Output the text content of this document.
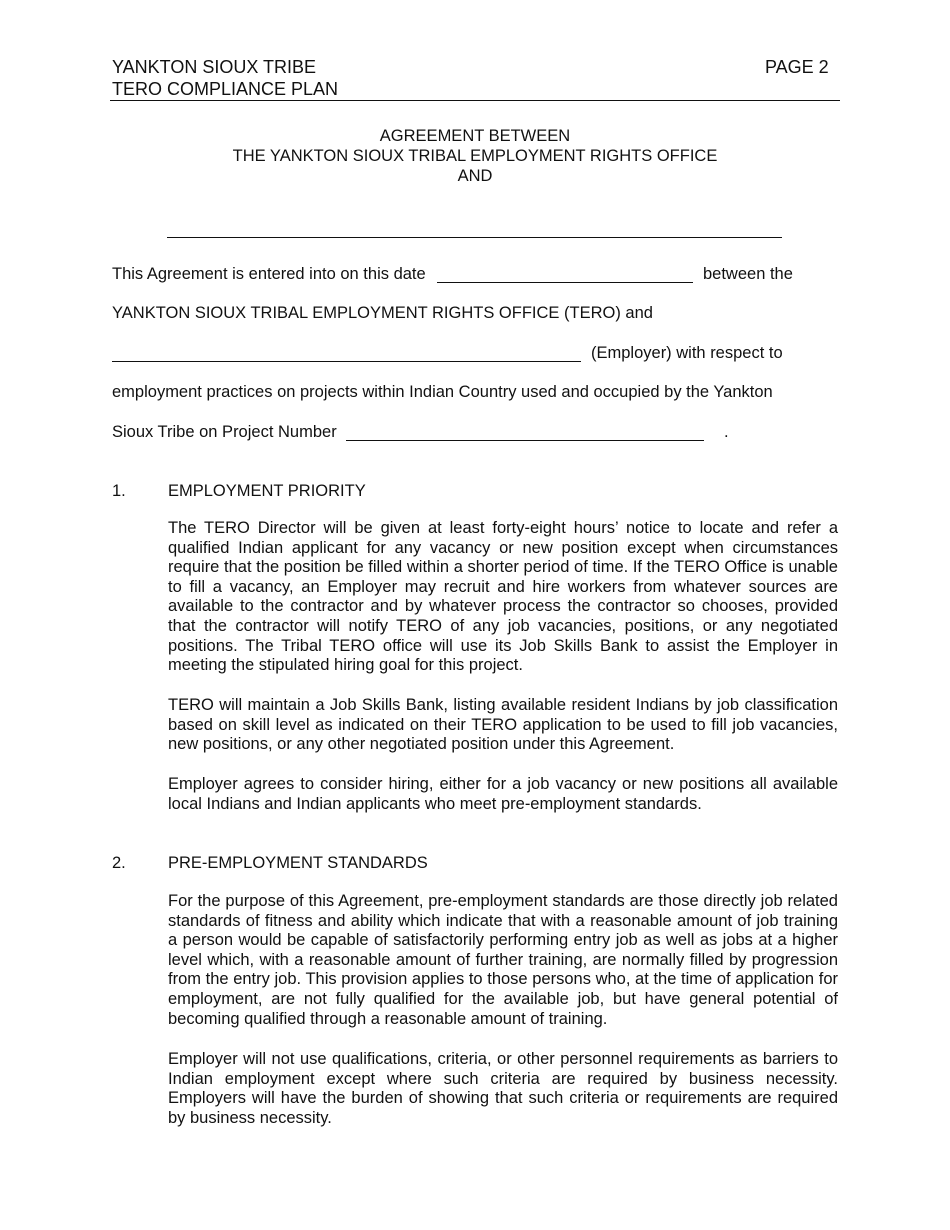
YANKTON SIOUX TRIBE
TERO COMPLIANCE PLAN
PAGE 2
AGREEMENT BETWEEN
THE YANKTON SIOUX TRIBAL EMPLOYMENT RIGHTS OFFICE
AND
This Agreement is entered into on this date	between the
YANKTON SIOUX TRIBAL EMPLOYMENT RIGHTS OFFICE (TERO) and
(Employer) with respect to
employment practices on projects within Indian Country used and occupied by the Yankton
Sioux Tribe on Project Number	.
1.	EMPLOYMENT PRIORITY

The TERO Director will be given at least forty-eight hours’ notice to locate and refer a qualified Indian applicant for any vacancy or new position except when circumstances require that the position be filled within a shorter period of time. If the TERO Office is unable to fill a vacancy, an Employer may recruit and hire workers from whatever sources are available to the contractor and by whatever process the contractor so chooses, provided that the contractor will notify TERO of any job vacancies, positions, or any negotiated positions. The Tribal TERO office will use its Job Skills Bank to assist the Employer in meeting the stipulated hiring goal for this project.

TERO will maintain a Job Skills Bank, listing available resident Indians by job classification based on skill level as indicated on their TERO application to be used to fill job vacancies, new positions, or any other negotiated position under this Agreement.

Employer agrees to consider hiring, either for a job vacancy or new positions all available local Indians and Indian applicants who meet pre-employment standards.

2.	PRE-EMPLOYMENT STANDARDS

For the purpose of this Agreement, pre-employment standards are those directly job related standards of fitness and ability which indicate that with a reasonable amount of job training a person would be capable of satisfactorily performing entry job as well as jobs at a higher level which, with a reasonable amount of further training, are normally filled by progression from the entry job. This provision applies to those persons who, at the time of application for employment, are not fully qualified for the available job, but have general potential of becoming qualified through a reasonable amount of training.

Employer will not use qualifications, criteria, or other personnel requirements as barriers to Indian employment except where such criteria are required by business necessity. Employers will have the burden of showing that such criteria or requirements are required by business necessity.
